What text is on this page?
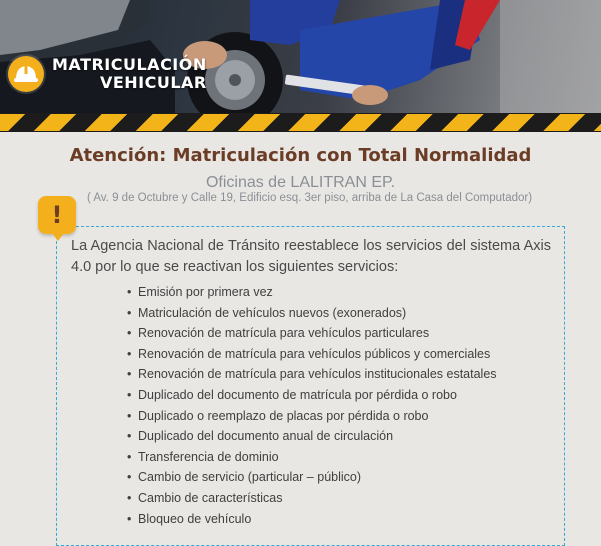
MATRICULACIÓN
VEHICULAR
Atención: Matriculación con Total Normalidad
Oficinas de LALITRAN EP.
( Av. 9 de Octubre y Calle 19, Edificio esq. 3er piso, arriba de La Casa del Computador)
!
La Agencia Nacional de Tránsito reestablece los servicios del sistema Axis 4.0 por lo que se reactivan los siguientes servicios:
• Emisión por primera vez
• Matriculación de vehículos nuevos (exonerados)
• Renovación de matrícula para vehículos particulares
• Renovación de matrícula para vehículos públicos y comerciales
• Renovación de matrícula para vehículos institucionales estatales
• Duplicado del documento de matrícula por pérdida o robo
• Duplicado o reemplazo de placas por pérdida o robo
• Duplicado del documento anual de circulación
• Transferencia de dominio
• Cambio de servicio (particular – público)
• Cambio de características
• Bloqueo de vehículo
